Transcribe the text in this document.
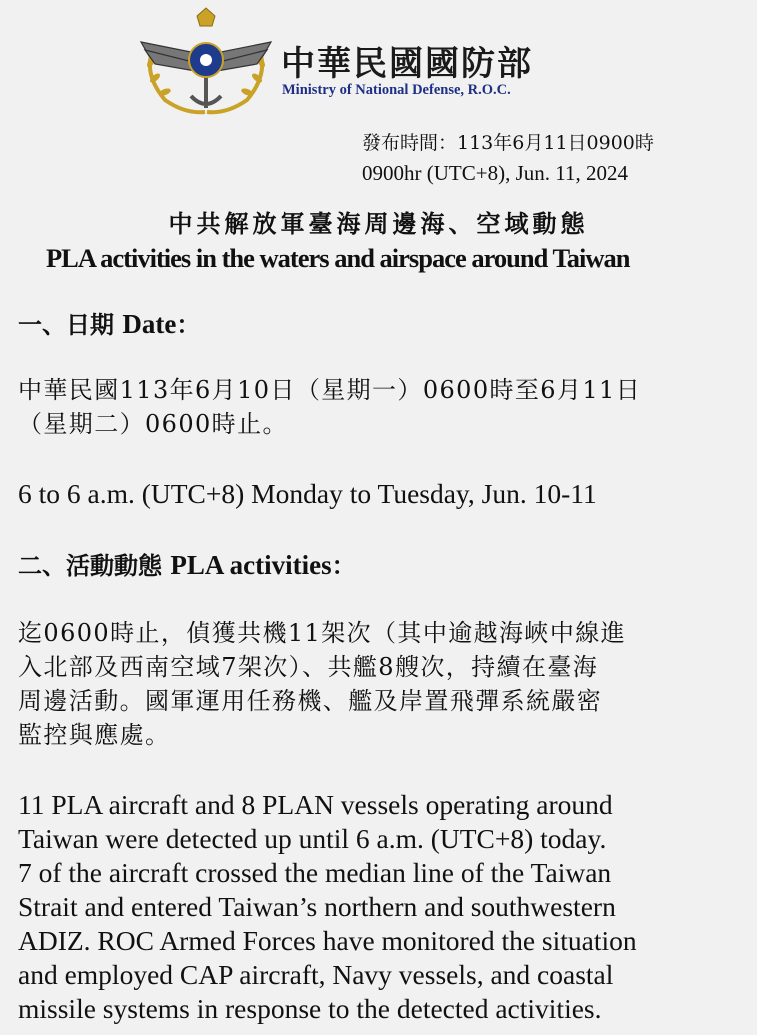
中華民國國防部
Ministry of National Defense, R.O.C.
發布時間：113年6月11日0900時
0900hr (UTC+8), Jun. 11, 2024
中共解放軍臺海周邊海、空域動態
PLA activities in the waters and airspace around Taiwan
一、日期 Date：
中華民國113年6月10日（星期一）0600時至6月11日
（星期二）0600時止。
6 to 6 a.m. (UTC+8) Monday to Tuesday, Jun. 10-11
二、活動動態 PLA activities：
迄0600時止，偵獲共機11架次（其中逾越海峽中線進
入北部及西南空域7架次）、共艦8艘次，持續在臺海
周邊活動。國軍運用任務機、艦及岸置飛彈系統嚴密
監控與應處。
11 PLA aircraft and 8 PLAN vessels operating around
Taiwan were detected up until 6 a.m. (UTC+8) today.
7 of the aircraft crossed the median line of the Taiwan
Strait and entered Taiwan’s northern and southwestern
ADIZ. ROC Armed Forces have monitored the situation
and employed CAP aircraft, Navy vessels, and coastal
missile systems in response to the detected activities.
